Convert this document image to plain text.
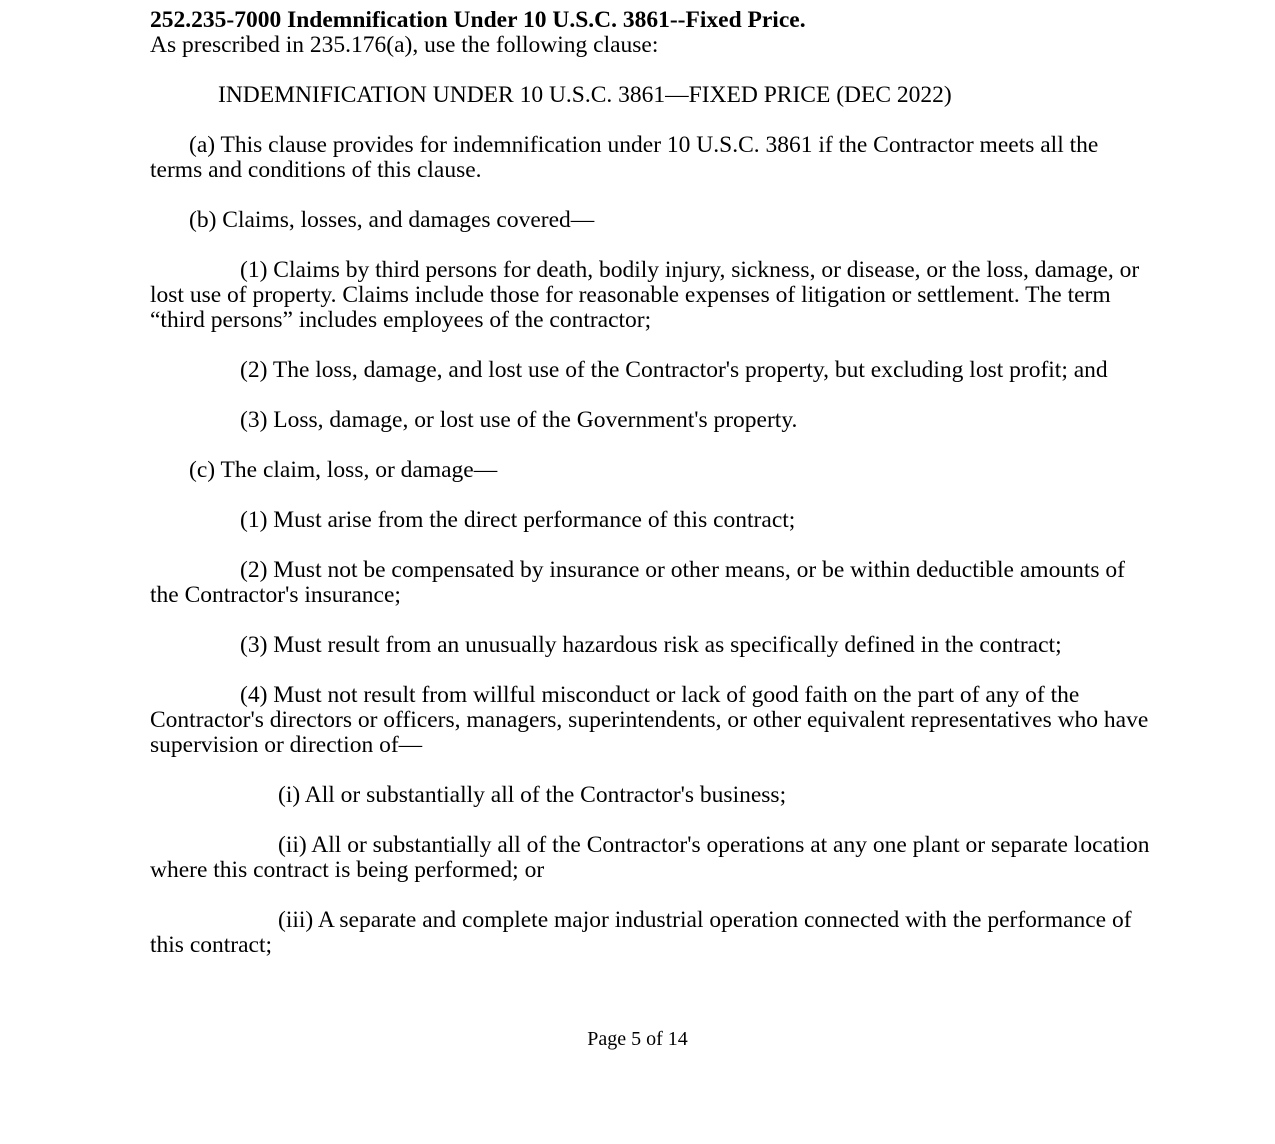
252.235-7000 Indemnification Under 10 U.S.C. 3861--Fixed Price.

As prescribed in 235.176(a), use the following clause:

INDEMNIFICATION UNDER 10 U.S.C. 3861—FIXED PRICE (DEC 2022)

(a) This clause provides for indemnification under 10 U.S.C. 3861 if the Contractor meets all the terms and conditions of this clause.

(b) Claims, losses, and damages covered—

(1) Claims by third persons for death, bodily injury, sickness, or disease, or the loss, damage, or lost use of property. Claims include those for reasonable expenses of litigation or settlement. The term “third persons” includes employees of the contractor;

(2) The loss, damage, and lost use of the Contractor's property, but excluding lost profit; and

(3) Loss, damage, or lost use of the Government's property.

(c) The claim, loss, or damage—

(1) Must arise from the direct performance of this contract;

(2) Must not be compensated by insurance or other means, or be within deductible amounts of the Contractor's insurance;

(3) Must result from an unusually hazardous risk as specifically defined in the contract;

(4) Must not result from willful misconduct or lack of good faith on the part of any of the Contractor's directors or officers, managers, superintendents, or other equivalent representatives who have supervision or direction of—

(i) All or substantially all of the Contractor's business;

(ii) All or substantially all of the Contractor's operations at any one plant or separate location where this contract is being performed; or

(iii) A separate and complete major industrial operation connected with the performance of this contract;

Page 5 of 14
